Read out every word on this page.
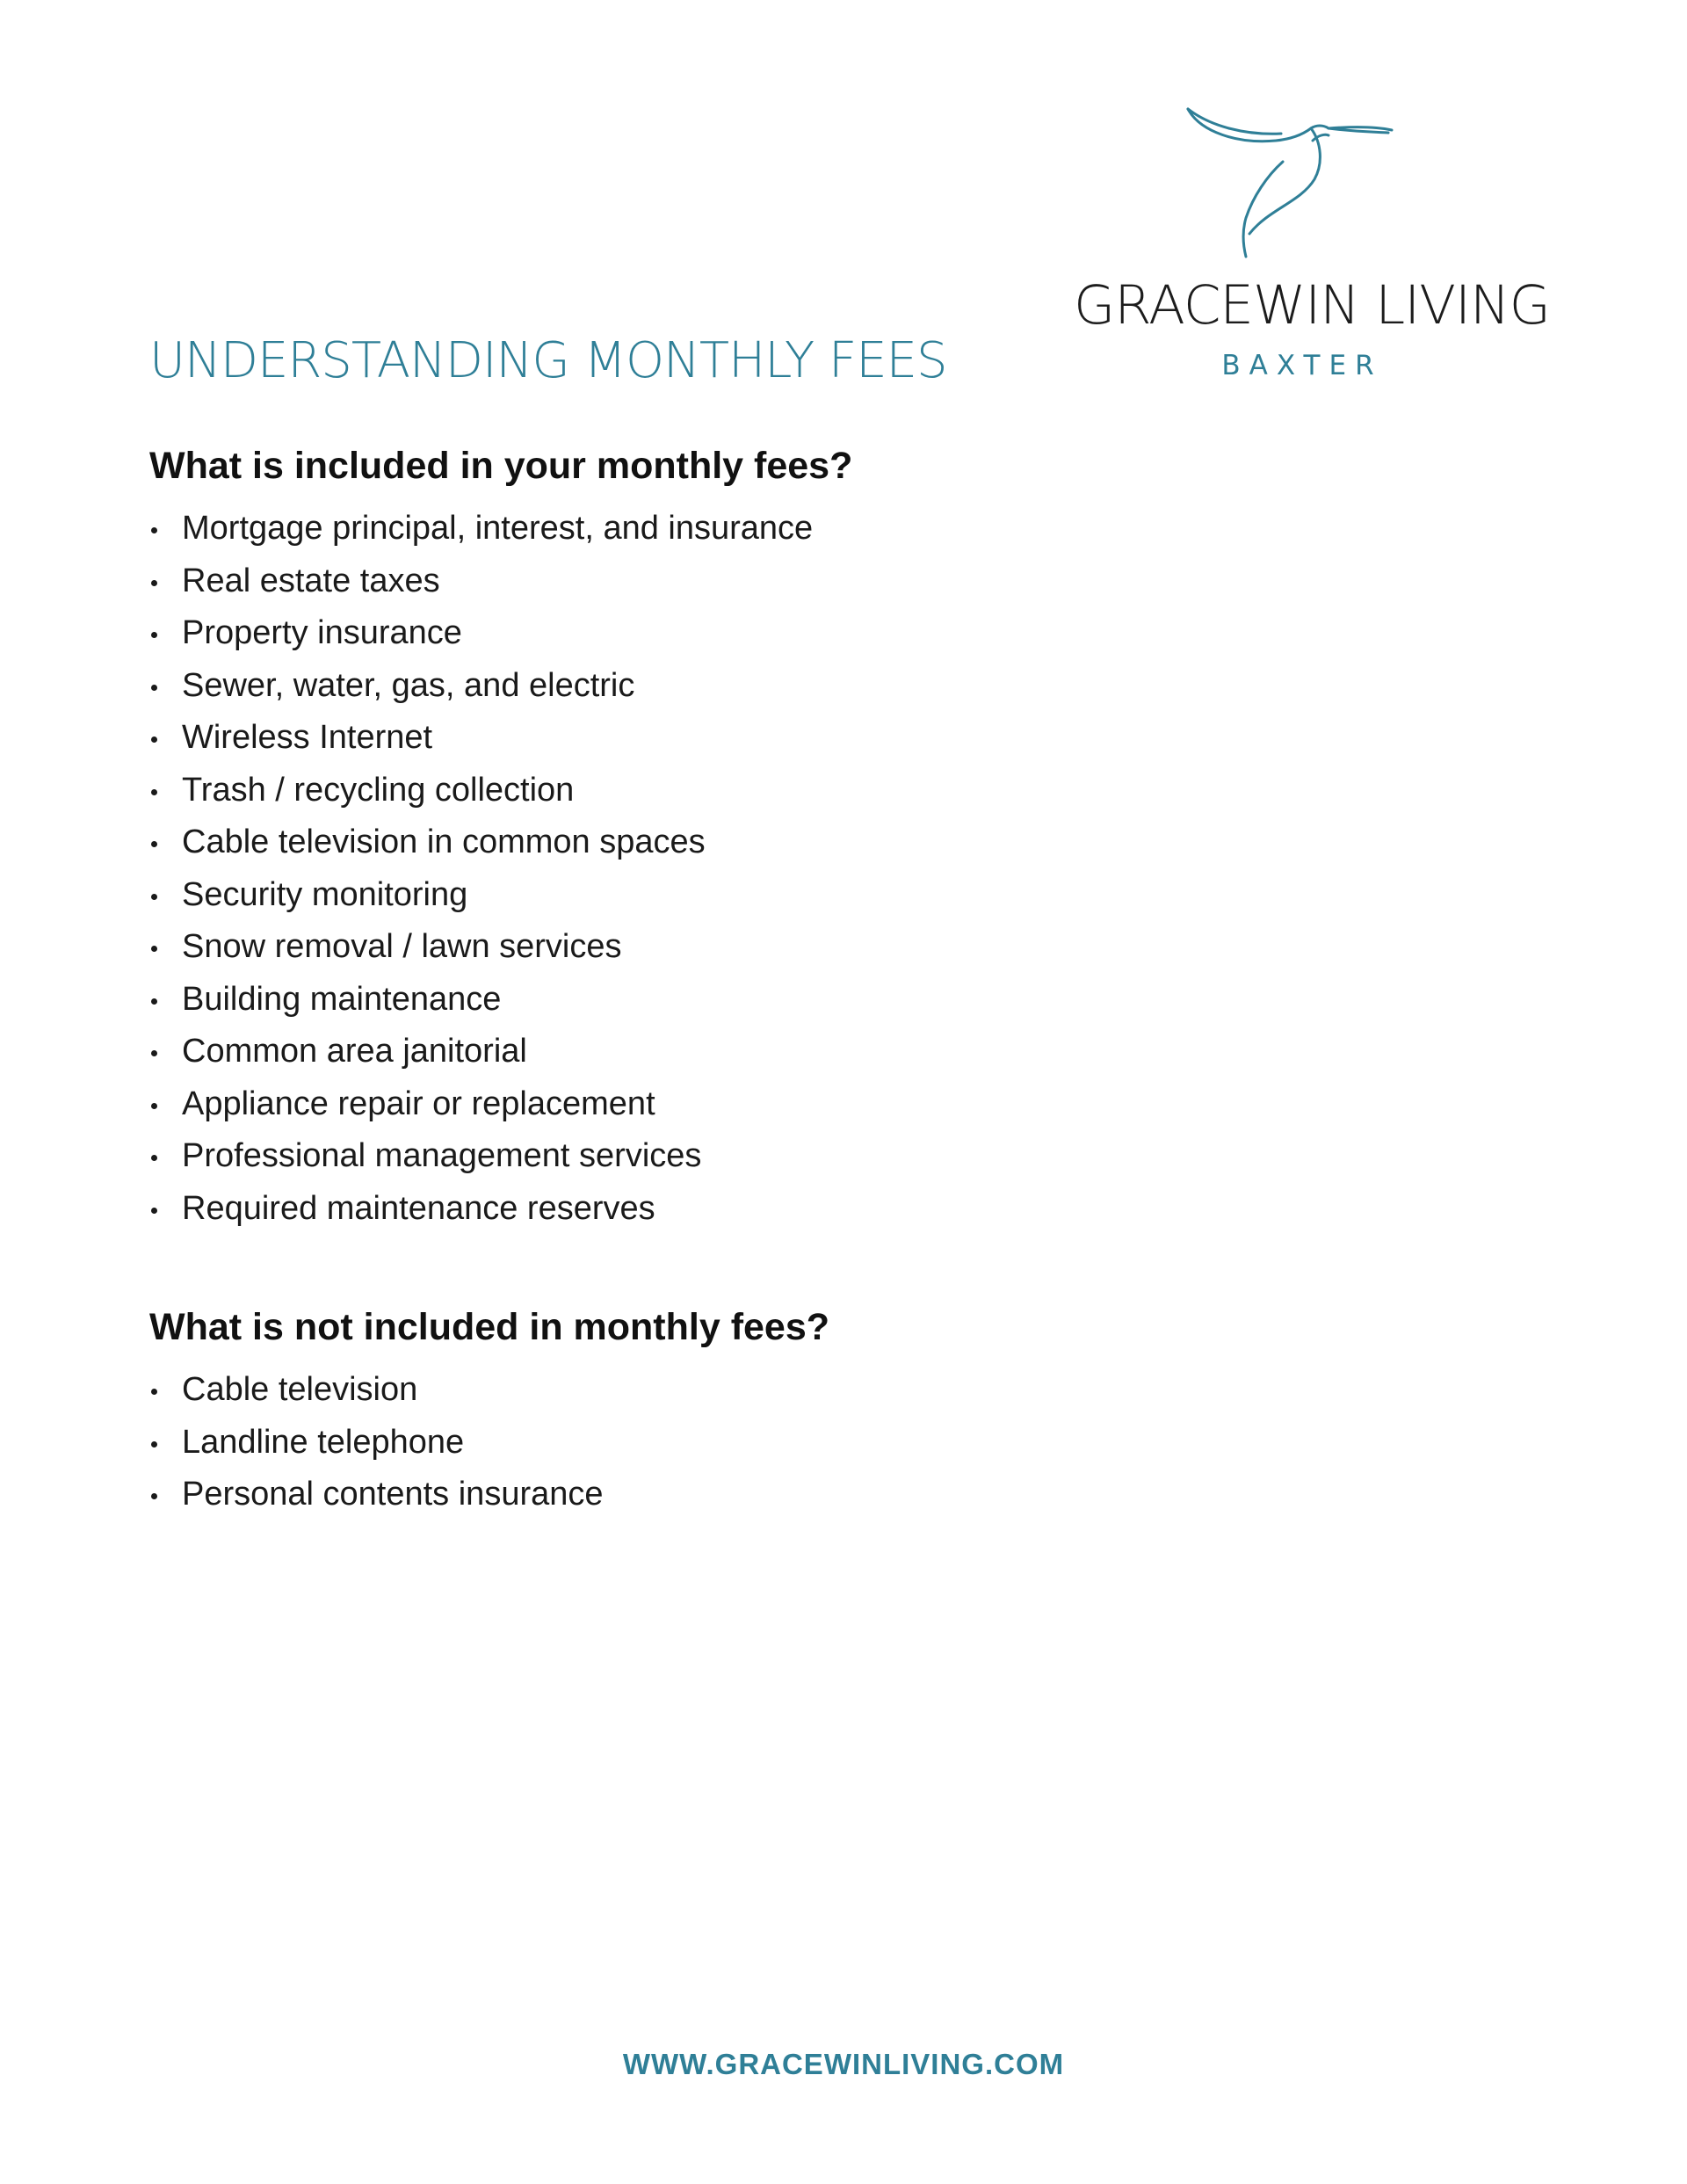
GRACEWIN LIVING
BAXTER
UNDERSTANDING MONTHLY FEES
What is included in your monthly fees?
Mortgage principal, interest, and insurance
Real estate taxes
Property insurance
Sewer, water, gas, and electric
Wireless Internet
Trash / recycling collection
Cable television in common spaces
Security monitoring
Snow removal / lawn services
Building maintenance
Common area janitorial
Appliance repair or replacement
Professional management services
Required maintenance reserves
What is not included in monthly fees?
Cable television
Landline telephone
Personal contents insurance
WWW.GRACEWINLIVING.COM
